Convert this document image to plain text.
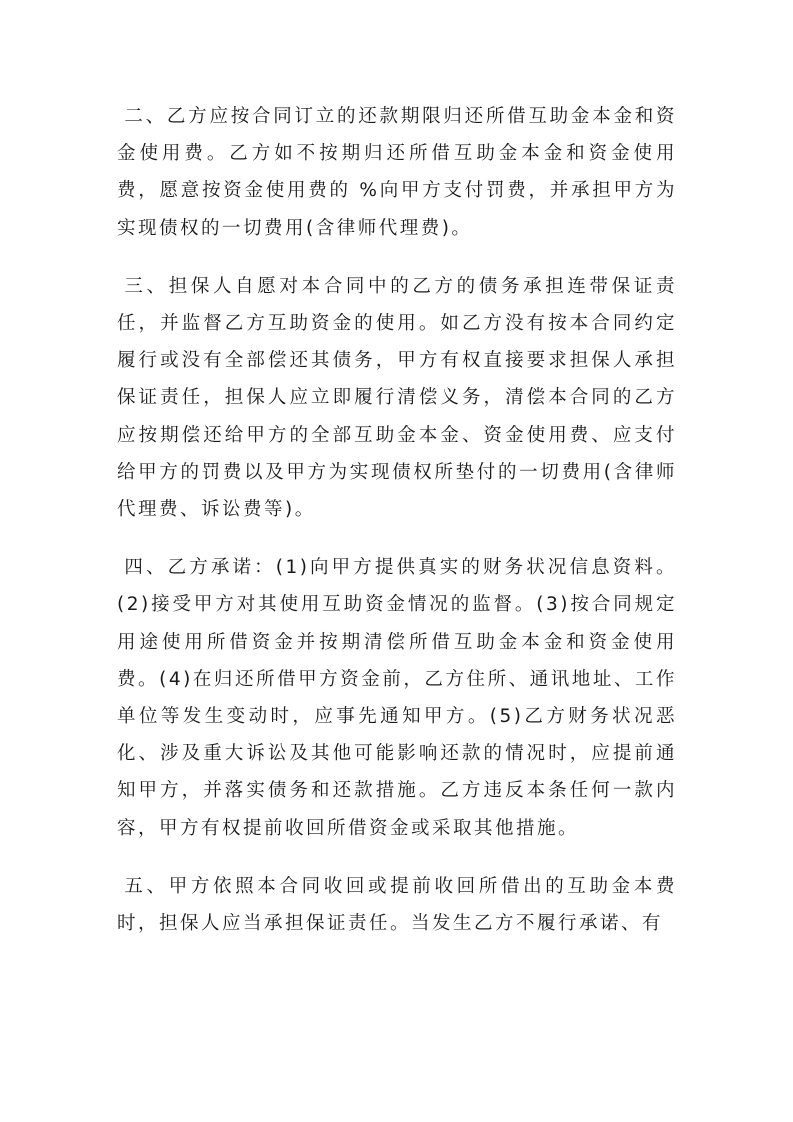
二、乙方应按合同订立的还款期限归还所借互助金本金和资金使用费。乙方如不按期归还所借互助金本金和资金使用费，愿意按资金使用费的 %向甲方支付罚费，并承担甲方为实现债权的一切费用(含律师代理费)。

三、担保人自愿对本合同中的乙方的债务承担连带保证责任，并监督乙方互助资金的使用。如乙方没有按本合同约定履行或没有全部偿还其债务，甲方有权直接要求担保人承担保证责任，担保人应立即履行清偿义务，清偿本合同的乙方应按期偿还给甲方的全部互助金本金、资金使用费、应支付给甲方的罚费以及甲方为实现债权所垫付的一切费用(含律师代理费、诉讼费等)。

四、乙方承诺：(1)向甲方提供真实的财务状况信息资料。(2)接受甲方对其使用互助资金情况的监督。(3)按合同规定用途使用所借资金并按期清偿所借互助金本金和资金使用费。(4)在归还所借甲方资金前，乙方住所、通讯地址、工作单位等发生变动时，应事先通知甲方。(5)乙方财务状况恶化、涉及重大诉讼及其他可能影响还款的情况时，应提前通知甲方，并落实债务和还款措施。乙方违反本条任何一款内容，甲方有权提前收回所借资金或采取其他措施。

五、甲方依照本合同收回或提前收回所借出的互助金本费时，担保人应当承担保证责任。当发生乙方不履行承诺、有
